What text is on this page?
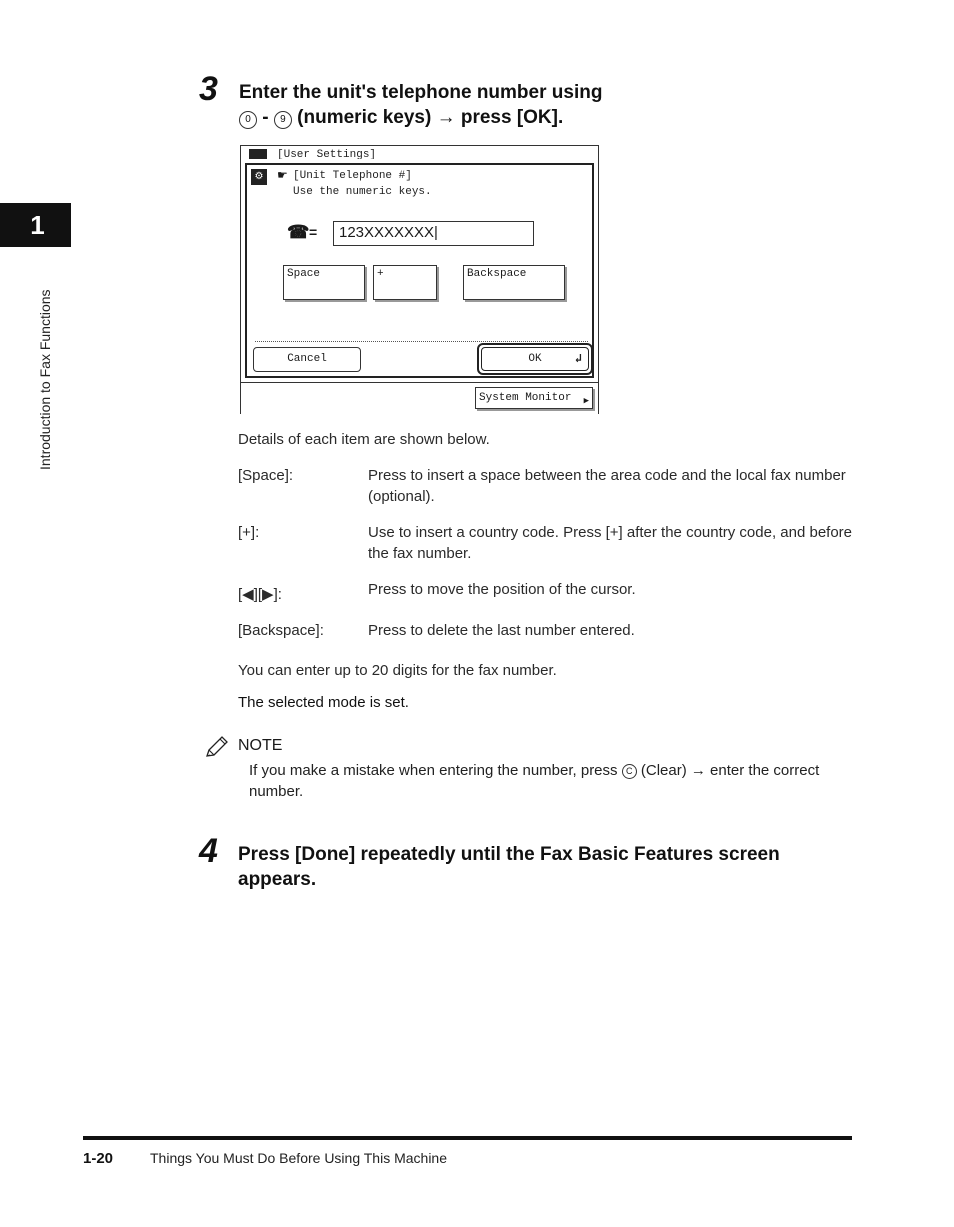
1
Introduction to Fax Functions
3 Enter the unit's telephone number using
0 - 9 (numeric keys) → press [OK].
[User Settings]
⚙ ☛ [Unit Telephone #]
Use the numeric keys.
☎ =	123XXXXXXX|
Space	+	Backspace
Cancel	OK	↲
System Monitor ▶
Details of each item are shown below.
[Space]:	Press to insert a space between the area code and the local fax number (optional).
[+]:	Use to insert a country code. Press [+] after the country code, and before the fax number.
[◀][▶]:	Press to move the position of the cursor.
[Backspace]:	Press to delete the last number entered.
You can enter up to 20 digits for the fax number.
The selected mode is set.
NOTE
If you make a mistake when entering the number, press C (Clear) → enter the correct number.
4 Press [Done] repeatedly until the Fax Basic Features screen appears.
1-20	Things You Must Do Before Using This Machine
